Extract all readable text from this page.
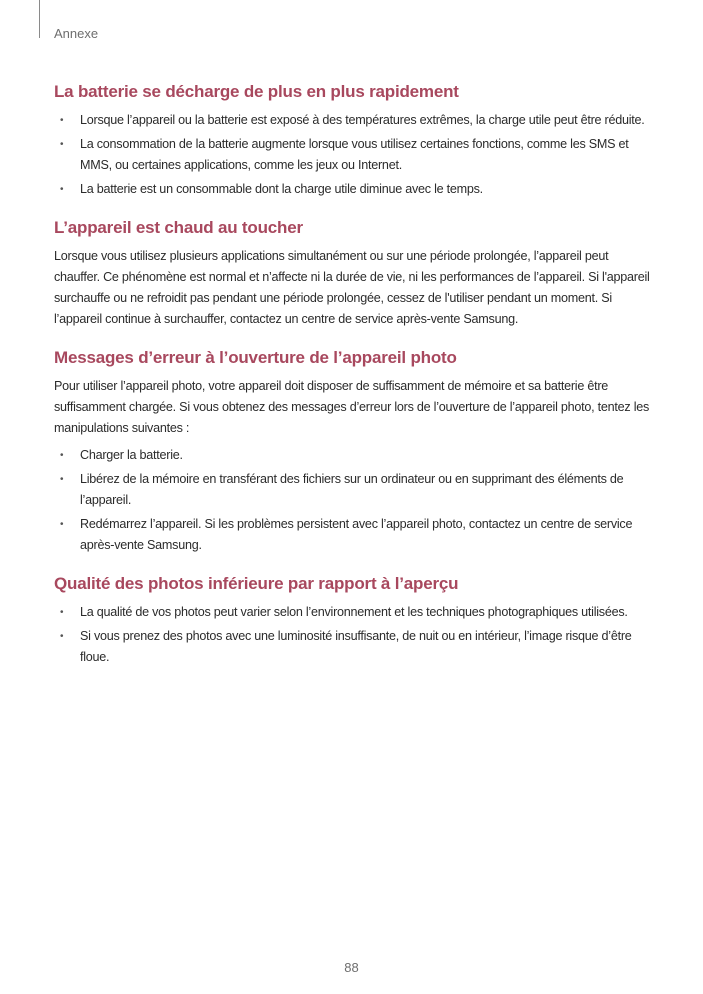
Annexe
La batterie se décharge de plus en plus rapidement
• Lorsque l’appareil ou la batterie est exposé à des températures extrêmes, la charge utile peut être réduite.
• La consommation de la batterie augmente lorsque vous utilisez certaines fonctions, comme les SMS et MMS, ou certaines applications, comme les jeux ou Internet.
• La batterie est un consommable dont la charge utile diminue avec le temps.
L’appareil est chaud au toucher

Lorsque vous utilisez plusieurs applications simultanément ou sur une période prolongée, l’appareil peut chauffer. Ce phénomène est normal et n’affecte ni la durée de vie, ni les performances de l’appareil. Si l'appareil surchauffe ou ne refroidit pas pendant une période prolongée, cessez de l'utiliser pendant un moment. Si l’appareil continue à surchauffer, contactez un centre de service après-vente Samsung.

Messages d’erreur à l’ouverture de l’appareil photo

Pour utiliser l’appareil photo, votre appareil doit disposer de suffisamment de mémoire et sa batterie être suffisamment chargée. Si vous obtenez des messages d’erreur lors de l’ouverture de l’appareil photo, tentez les manipulations suivantes :

• Charger la batterie.
• Libérez de la mémoire en transférant des fichiers sur un ordinateur ou en supprimant des éléments de l’appareil.
• Redémarrez l’appareil. Si les problèmes persistent avec l’appareil photo, contactez un centre de service après-vente Samsung.
Qualité des photos inférieure par rapport à l’aperçu
• La qualité de vos photos peut varier selon l’environnement et les techniques photographiques utilisées.
• Si vous prenez des photos avec une luminosité insuffisante, de nuit ou en intérieur, l’image risque d’être floue.
88
